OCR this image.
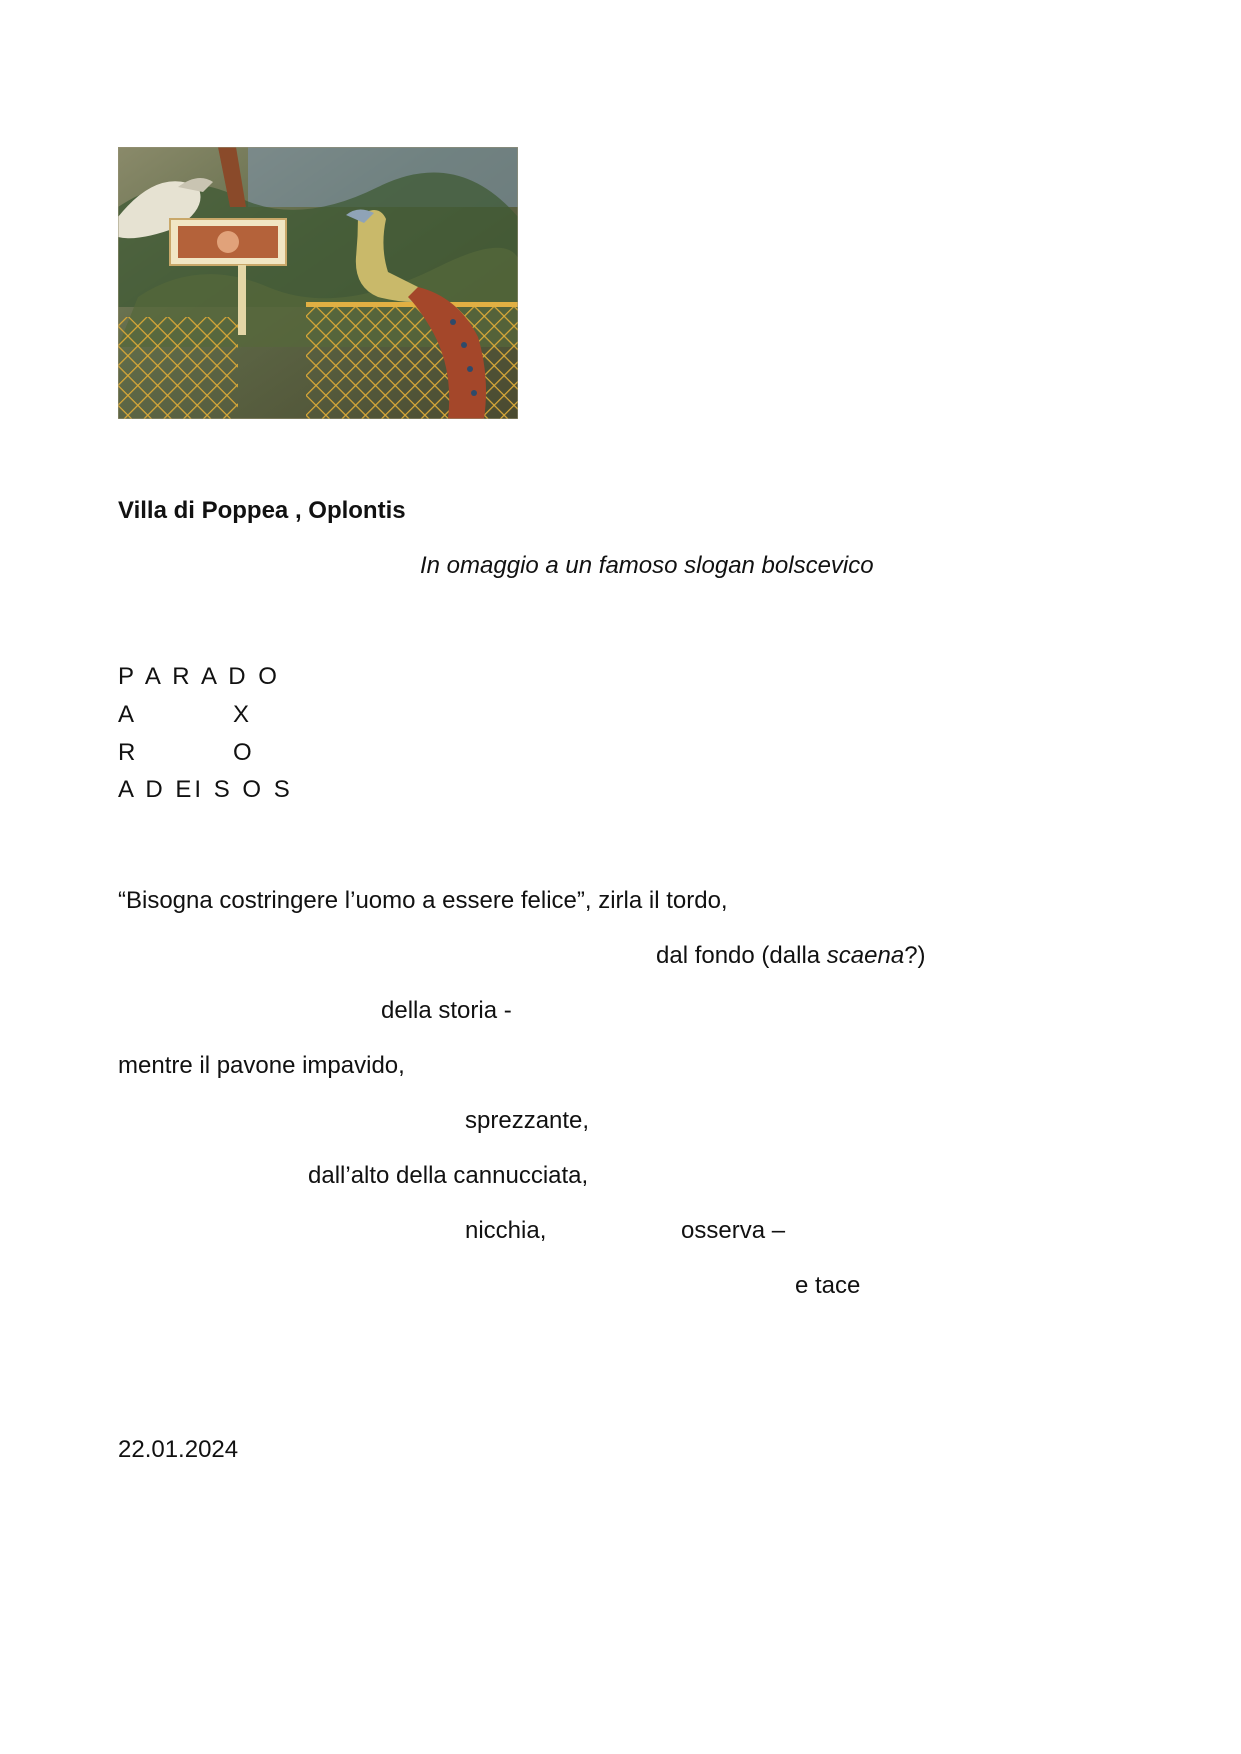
Villa di Poppea , Oplontis
In omaggio a un famoso slogan bolscevico
P A R A D O
A	X
R	O
A D EI S O S
“Bisogna costringere l’uomo a essere felice”, zirla il tordo,
dal fondo (dalla scaena?)
della storia -
mentre il pavone impavido,
sprezzante,
dall’alto della cannucciata,
nicchia,	osserva –
e tace
22.01.2024
